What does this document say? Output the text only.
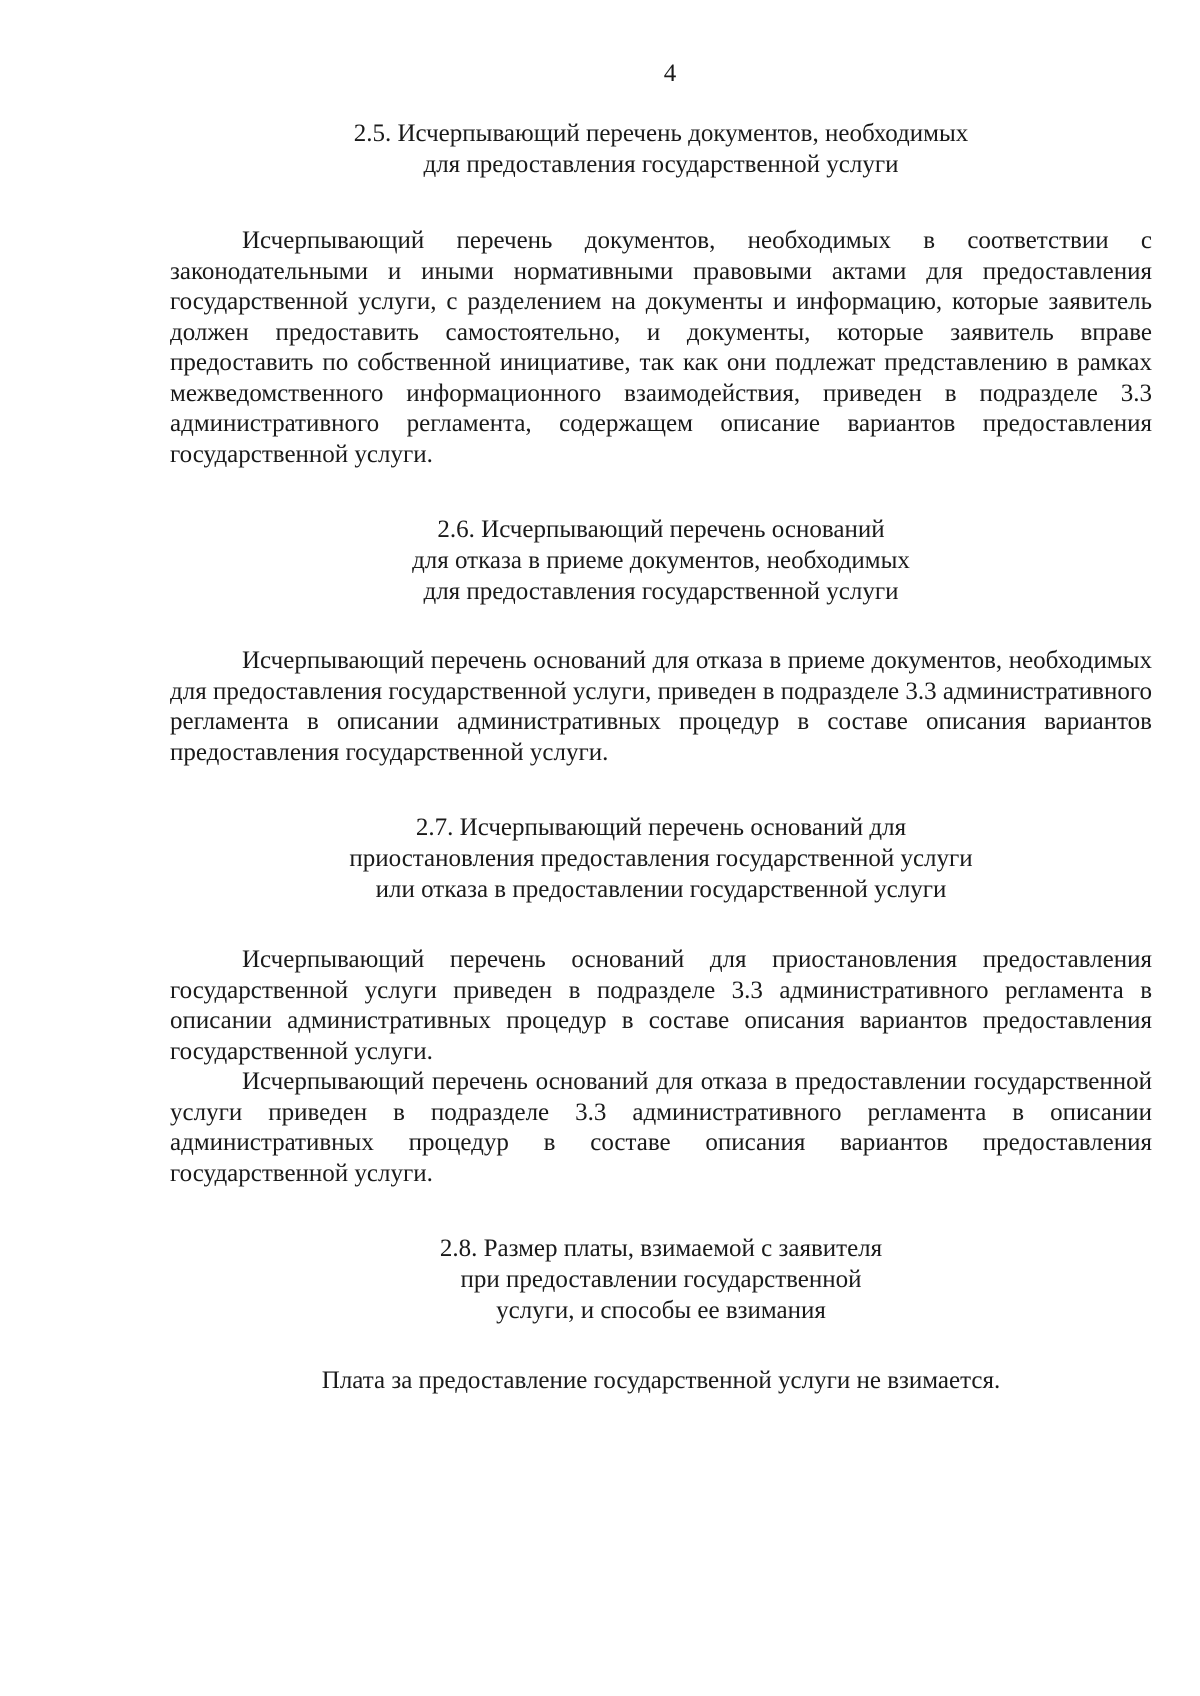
4
2.5. Исчерпывающий перечень документов, необходимых
для предоставления государственной услуги

Исчерпывающий перечень документов, необходимых в соответствии с законодательными и иными нормативными правовыми актами для предоставления государственной услуги, с разделением на документы и информацию, которые заявитель должен предоставить самостоятельно, и документы, которые заявитель вправе предоставить по собственной инициативе, так как они подлежат представлению в рамках межведомственного информационного взаимодействия, приведен в подразделе 3.3 административного регламента, содержащем описание вариантов предоставления государственной услуги.

2.6. Исчерпывающий перечень оснований
для отказа в приеме документов, необходимых
для предоставления государственной услуги

Исчерпывающий перечень оснований для отказа в приеме документов, необходимых для предоставления государственной услуги, приведен в подразделе 3.3 административного регламента в описании административных процедур в составе описания вариантов предоставления государственной услуги.

2.7. Исчерпывающий перечень оснований для
приостановления предоставления государственной услуги
или отказа в предоставлении государственной услуги

Исчерпывающий перечень оснований для приостановления предоставления государственной услуги приведен в подразделе 3.3 административного регламента в описании административных процедур в составе описания вариантов предоставления государственной услуги.

Исчерпывающий перечень оснований для отказа в предоставлении государственной услуги приведен в подразделе 3.3 административного регламента в описании административных процедур в составе описания вариантов предоставления государственной услуги.

2.8. Размер платы, взимаемой с заявителя
при предоставлении государственной
услуги, и способы ее взимания

Плата за предоставление государственной услуги не взимается.
